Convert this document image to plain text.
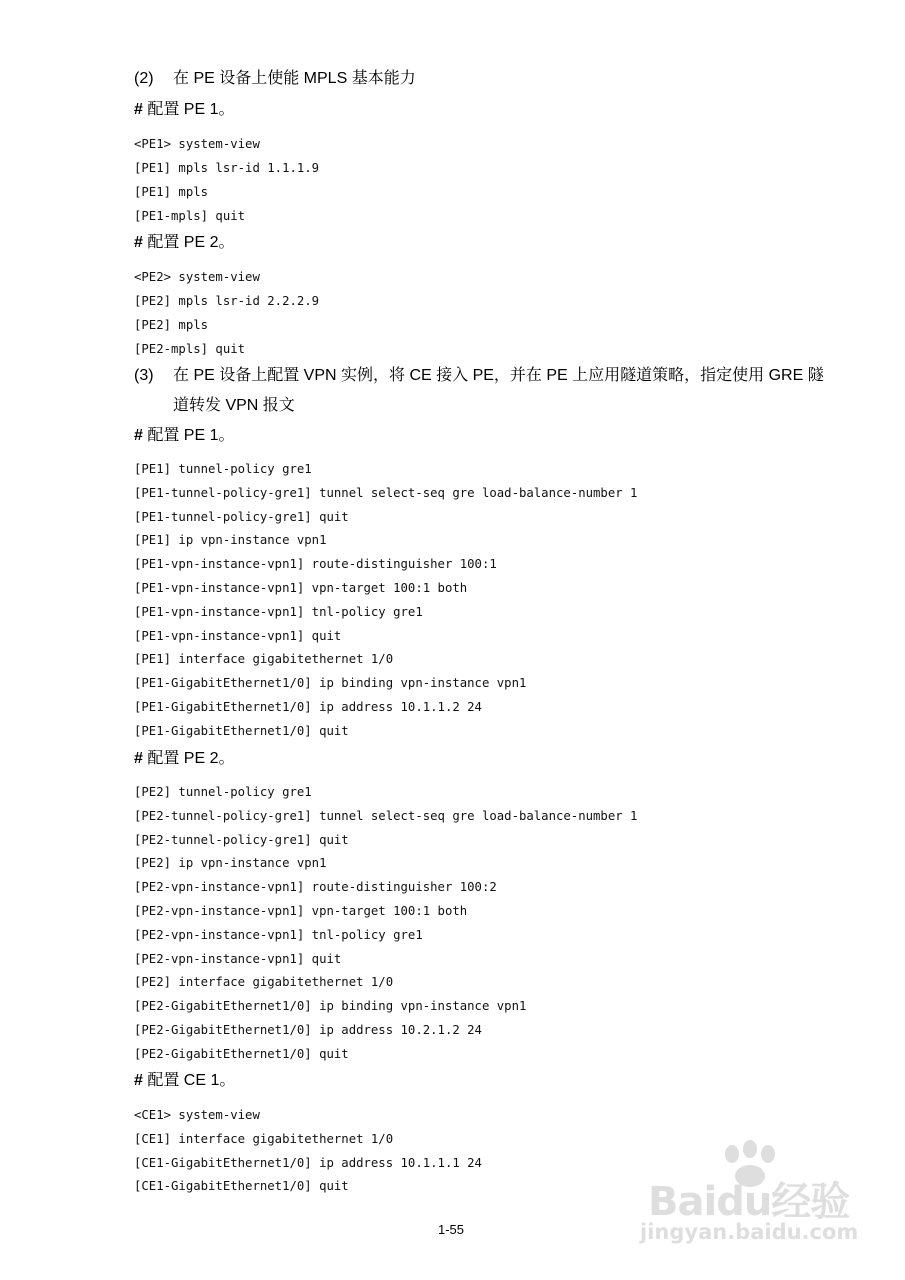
(2) 在 PE 设备上使能 MPLS 基本能力
# 配置 PE 1。
<PE1> system-view
[PE1] mpls lsr-id 1.1.1.9
[PE1] mpls
[PE1-mpls] quit
# 配置 PE 2。
<PE2> system-view
[PE2] mpls lsr-id 2.2.2.9
[PE2] mpls
[PE2-mpls] quit
(3) 在 PE 设备上配置 VPN 实例，将 CE 接入 PE，并在 PE 上应用隧道策略，指定使用 GRE 隧
道转发 VPN 报文
# 配置 PE 1。
[PE1] tunnel-policy gre1
[PE1-tunnel-policy-gre1] tunnel select-seq gre load-balance-number 1
[PE1-tunnel-policy-gre1] quit
[PE1] ip vpn-instance vpn1
[PE1-vpn-instance-vpn1] route-distinguisher 100:1
[PE1-vpn-instance-vpn1] vpn-target 100:1 both
[PE1-vpn-instance-vpn1] tnl-policy gre1
[PE1-vpn-instance-vpn1] quit
[PE1] interface gigabitethernet 1/0
[PE1-GigabitEthernet1/0] ip binding vpn-instance vpn1
[PE1-GigabitEthernet1/0] ip address 10.1.1.2 24
[PE1-GigabitEthernet1/0] quit
# 配置 PE 2。
[PE2] tunnel-policy gre1
[PE2-tunnel-policy-gre1] tunnel select-seq gre load-balance-number 1
[PE2-tunnel-policy-gre1] quit
[PE2] ip vpn-instance vpn1
[PE2-vpn-instance-vpn1] route-distinguisher 100:2
[PE2-vpn-instance-vpn1] vpn-target 100:1 both
[PE2-vpn-instance-vpn1] tnl-policy gre1
[PE2-vpn-instance-vpn1] quit
[PE2] interface gigabitethernet 1/0
[PE2-GigabitEthernet1/0] ip binding vpn-instance vpn1
[PE2-GigabitEthernet1/0] ip address 10.2.1.2 24
[PE2-GigabitEthernet1/0] quit
# 配置 CE 1。
<CE1> system-view
[CE1] interface gigabitethernet 1/0
[CE1-GigabitEthernet1/0] ip address 10.1.1.1 24
[CE1-GigabitEthernet1/0] quit
1-55
Baidu经验
jingyan.baidu.com
